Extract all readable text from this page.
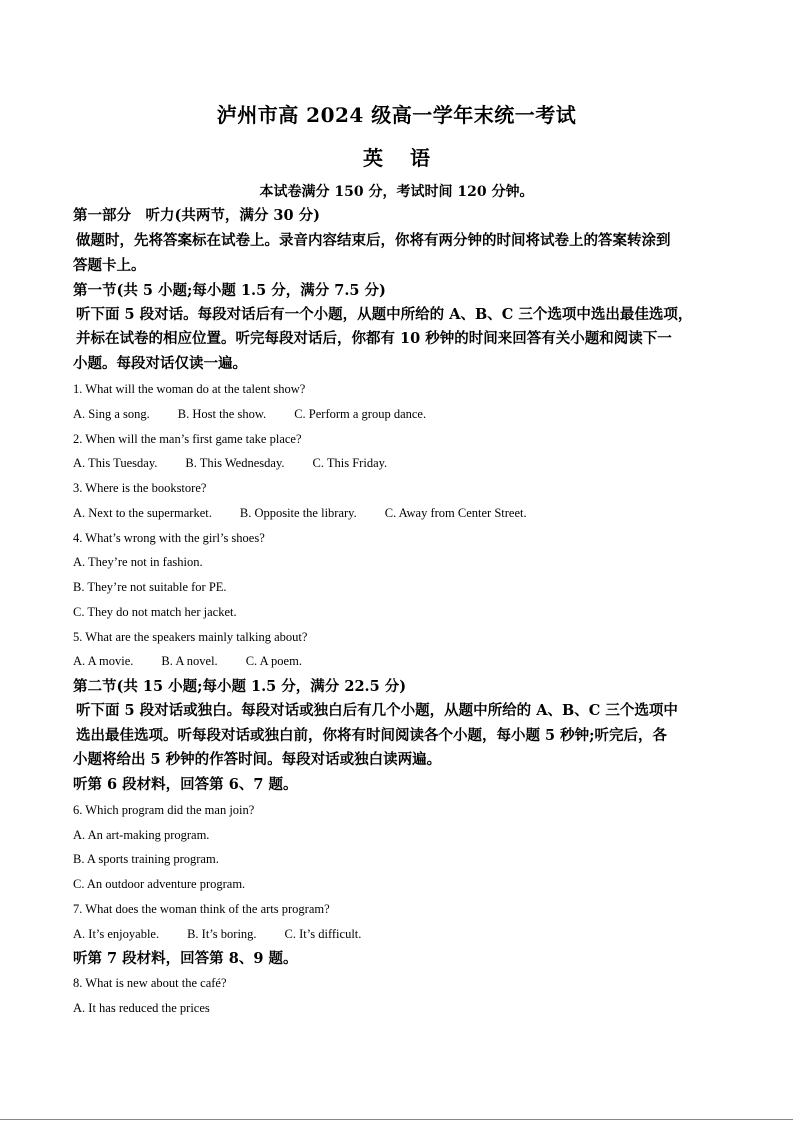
泸州市高 2024 级高一学年末统一考试
英 语
本试卷满分 150 分，考试时间 120 分钟。
第一部分　听力(共两节，满分 30 分)
做题时，先将答案标在试卷上。录音内容结束后，你将有两分钟的时间将试卷上的答案转涂到
答题卡上。
第一节(共 5 小题;每小题 1.5 分，满分 7.5 分)
听下面 5 段对话。每段对话后有一个小题，从题中所给的 A、B、C 三个选项中选出最佳选项，
并标在试卷的相应位置。听完每段对话后，你都有 10 秒钟的时间来回答有关小题和阅读下一
小题。每段对话仅读一遍。
1. What will the woman do at the talent show?
A. Sing a song. B. Host the show. C. Perform a group dance.
2. When will the man’s first game take place?
A. This Tuesday. B. This Wednesday. C. This Friday.
3. Where is the bookstore?
A. Next to the supermarket. B. Opposite the library. C. Away from Center Street.
4. What’s wrong with the girl’s shoes?
A. They’re not in fashion.
B. They’re not suitable for PE.
C. They do not match her jacket.
5. What are the speakers mainly talking about?
A. A movie. B. A novel. C. A poem.
第二节(共 15 小题;每小题 1.5 分，满分 22.5 分)
听下面 5 段对话或独白。每段对话或独白后有几个小题，从题中所给的 A、B、C 三个选项中
选出最佳选项。听每段对话或独白前，你将有时间阅读各个小题，每小题 5 秒钟;听完后，各
小题将给出 5 秒钟的作答时间。每段对话或独白读两遍。
听第 6 段材料，回答第 6、7 题。
6. Which program did the man join?
A. An art-making program.
B. A sports training program.
C. An outdoor adventure program.
7. What does the woman think of the arts program?
A. It’s enjoyable. B. It’s boring. C. It’s difficult.
听第 7 段材料，回答第 8、9 题。
8. What is new about the café?
A. It has reduced the prices
